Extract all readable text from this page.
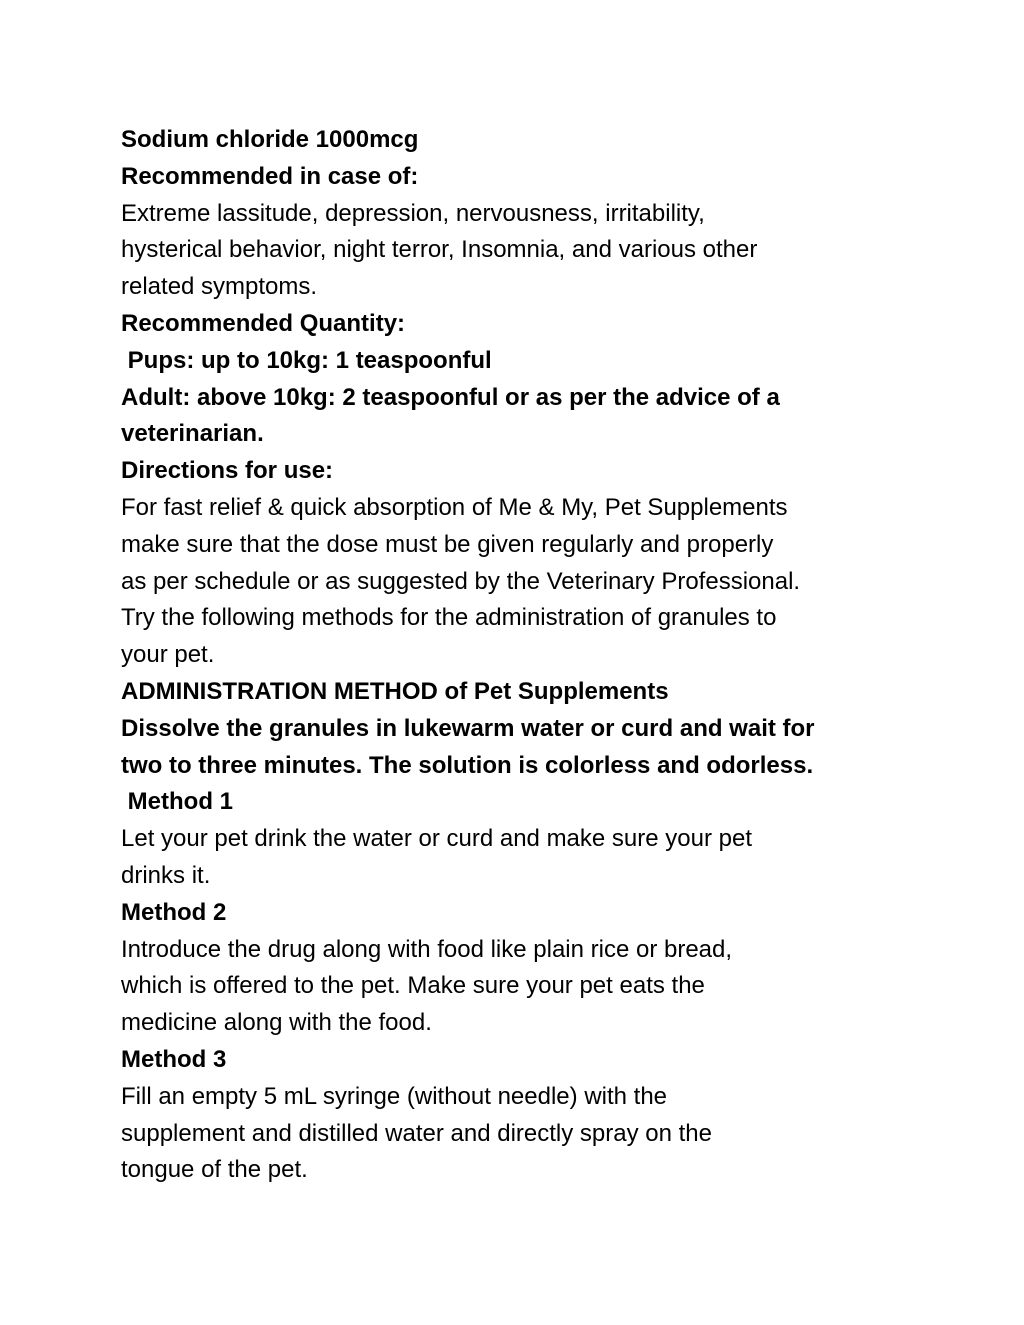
Sodium chloride 1000mcg
Recommended in case of:
Extreme lassitude, depression, nervousness, irritability,
hysterical behavior, night terror, Insomnia, and various other
related symptoms.
Recommended Quantity:
Pups: up to 10kg: 1 teaspoonful
Adult: above 10kg: 2 teaspoonful or as per the advice of a
veterinarian.
Directions for use:
For fast relief & quick absorption of Me & My, Pet Supplements
make sure that the dose must be given regularly and properly
as per schedule or as suggested by the Veterinary Professional.
Try the following methods for the administration of granules to
your pet.
ADMINISTRATION METHOD of Pet Supplements
Dissolve the granules in lukewarm water or curd and wait for
two to three minutes. The solution is colorless and odorless.
Method 1
Let your pet drink the water or curd and make sure your pet
drinks it.
Method 2
Introduce the drug along with food like plain rice or bread,
which is offered to the pet. Make sure your pet eats the
medicine along with the food.
Method 3
Fill an empty 5 mL syringe (without needle) with the
supplement and distilled water and directly spray on the
tongue of the pet.
